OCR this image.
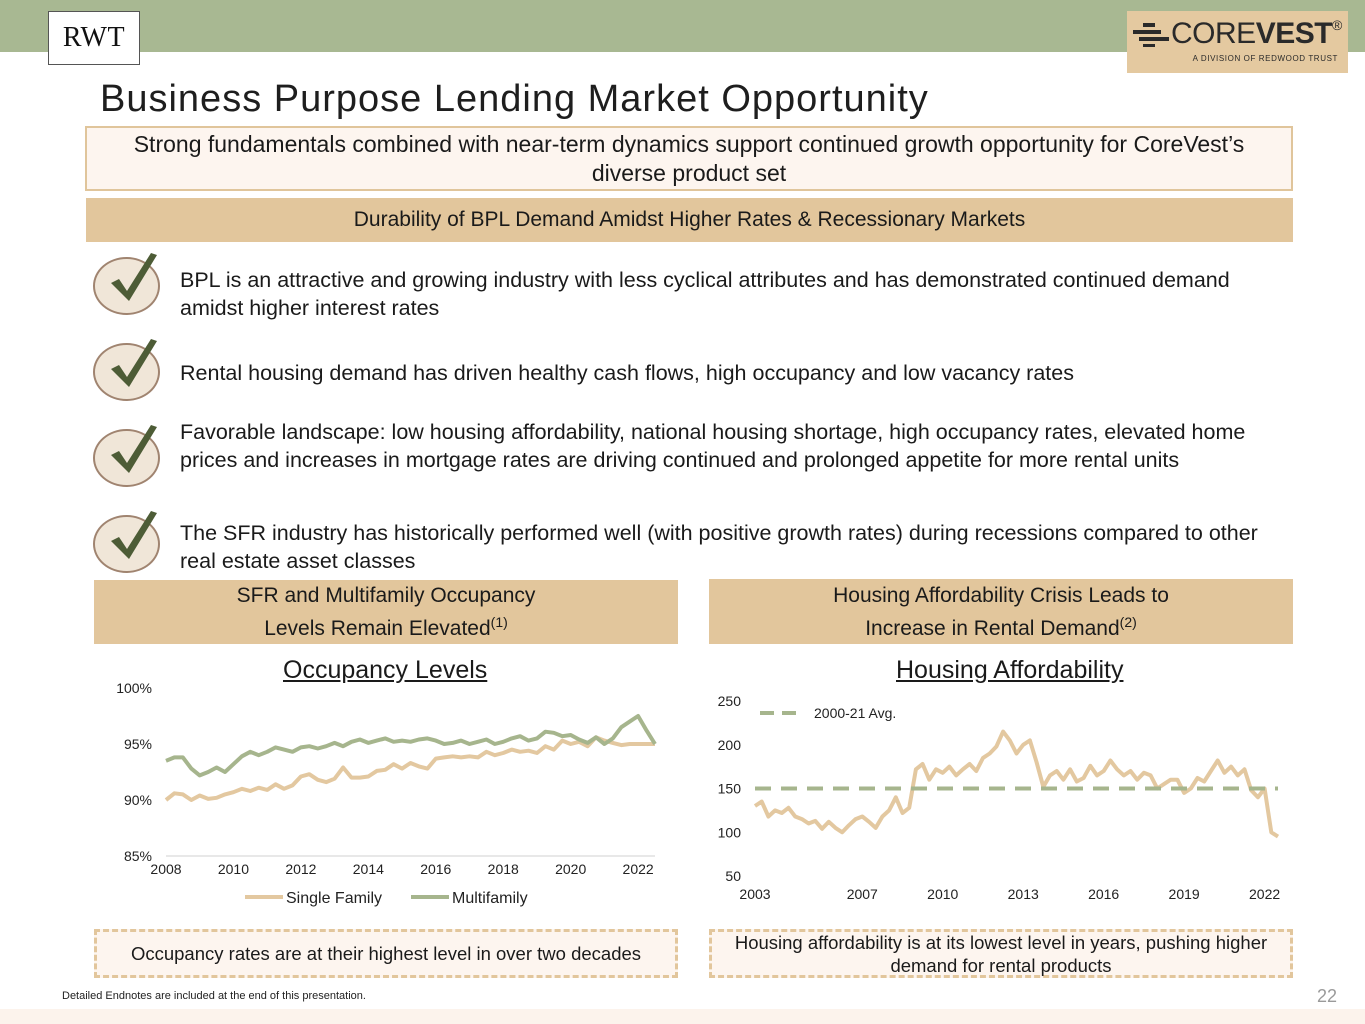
RWT	COREVEST®
A DIVISION OF REDWOOD TRUST
Business Purpose Lending Market Opportunity
Strong fundamentals combined with near-term dynamics support continued growth opportunity for CoreVest’s diverse product set
Durability of BPL Demand Amidst Higher Rates & Recessionary Markets
BPL is an attractive and growing industry with less cyclical attributes and has demonstrated continued demand amidst higher interest rates
Rental housing demand has driven healthy cash flows, high occupancy and low vacancy rates
Favorable landscape: low housing affordability, national housing shortage, high occupancy rates, elevated home prices and increases in mortgage rates are driving continued and prolonged appetite for more rental units
The SFR industry has historically performed well (with positive growth rates) during recessions compared to other real estate asset classes
SFR and Multifamily Occupancy
Levels Remain Elevated$^{(1)}$
Housing Affordability Crisis Leads to
Increase in Rental Demand$^{(2)}$
Occupancy Levels	Housing Affordability
85%
90%
95%
100%
2008	2010	2012	2014	2016	2018	2020	2022
Single Family	Multifamily
50
100
150
200
250
2003	2007	2010	2013	2016	2019	2022
2000-21 Avg.
Occupancy rates are at their highest level in over two decades
Housing affordability is at its lowest level in years, pushing higher demand for rental products
Detailed Endnotes are included at the end of this presentation.	22
